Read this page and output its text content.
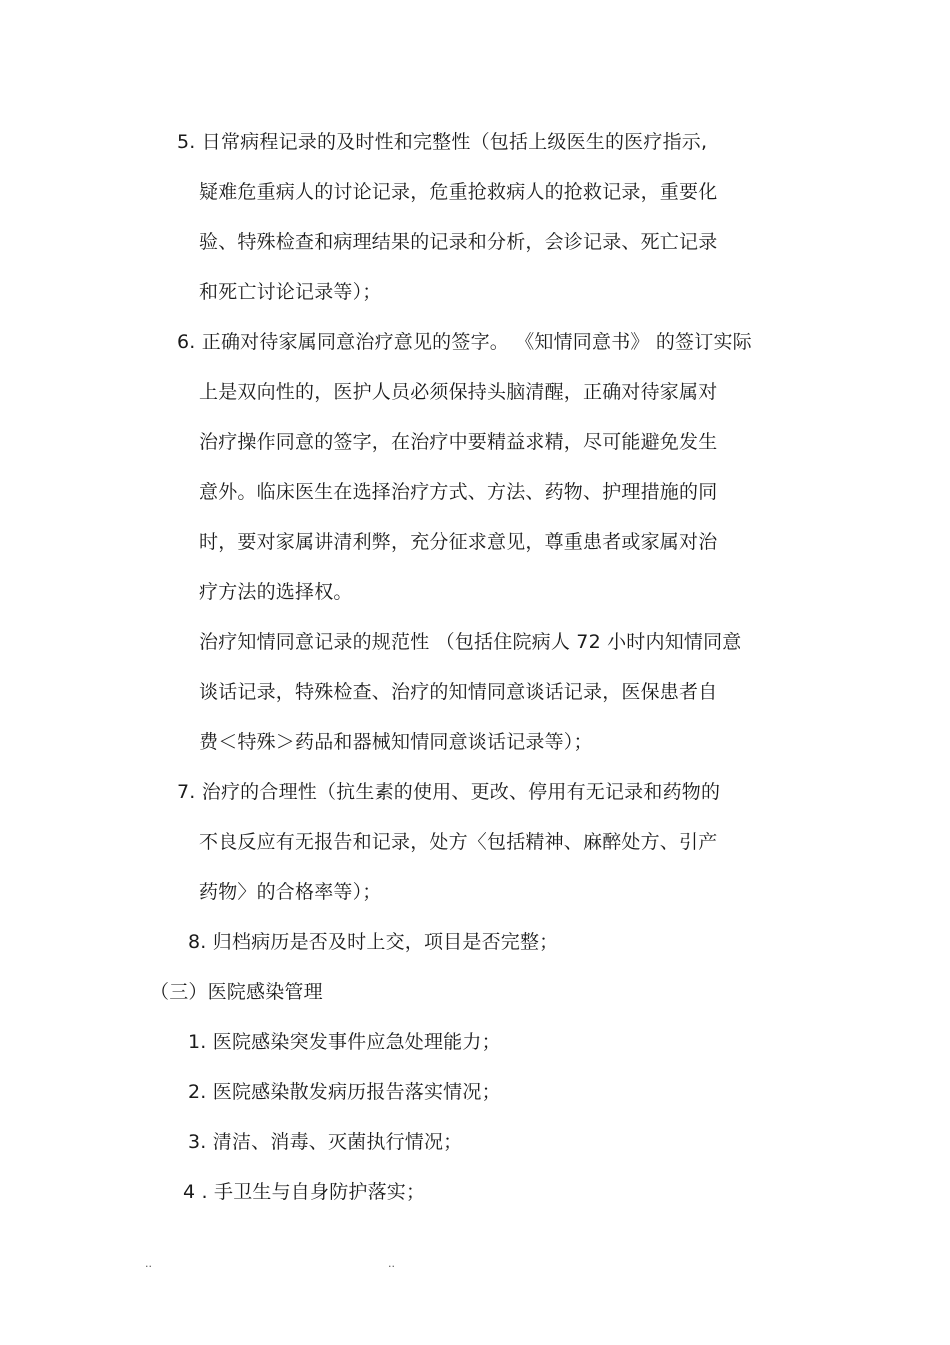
5. 日常病程记录的及时性和完整性（包括上级医生的医疗指示,
疑难危重病人的讨论记录，危重抢救病人的抢救记录，重要化
验、特殊检查和病理结果的记录和分析，会诊记录、死亡记录
和死亡讨论记录等）；
6. 正确对待家属同意治疗意见的签字。 《知情同意书》 的签订实际
上是双向性的，医护人员必须保持头脑清醒，正确对待家属对
治疗操作同意的签字，在治疗中要精益求精，尽可能避免发生
意外。临床医生在选择治疗方式、方法、药物、护理措施的同
时，要对家属讲清利弊，充分征求意见，尊重患者或家属对治
疗方法的选择权。
治疗知情同意记录的规范性 （包括住院病人 72 小时内知情同意
谈话记录，特殊检查、治疗的知情同意谈话记录，医保患者自
费＜特殊＞药品和器械知情同意谈话记录等）；
7. 治疗的合理性（抗生素的使用、更改、停用有无记录和药物的
不良反应有无报告和记录，处方〈包括精神、麻醉处方、引产
药物〉的合格率等）；
8. 归档病历是否及时上交，项目是否完整；
（三）医院感染管理
1. 医院感染突发事件应急处理能力；
2. 医院感染散发病历报告落实情况；
3. 清洁、消毒、灭菌执行情况；
4 . 手卫生与自身防护落实；
..	..
